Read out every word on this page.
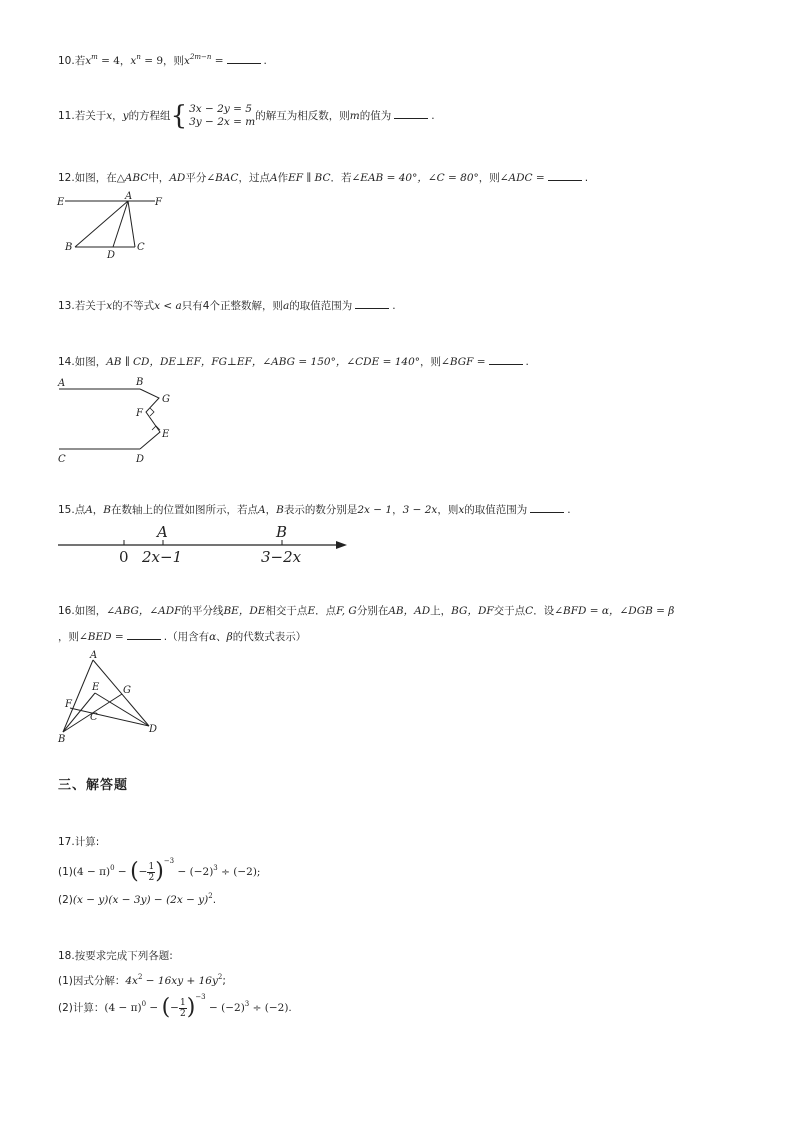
10.若$x^m = 4$，$x^n = 9$，则$x^{2m-n}$ =	.
11.若关于x，y的方程组{ 3x − 2y = 5
3y − 2x = m 的解互为相反数，则m的值为	.
12.如图，在△ABC中，AD平分∠BAC，过点A作EF ∥ BC．若∠EAB = 40°，∠C = 80°，则∠ADC =	.
E
A
F
B
D
C
13.若关于x的不等式x < a只有4个正整数解，则a的取值范围为	.
14.如图，AB ∥ CD，DE⊥EF，FG⊥EF，∠ABG = 150°，∠CDE = 140°，则∠BGF =	.
A	B
G
F
E
C	D
15.点A，B在数轴上的位置如图所示，若点A，B表示的数分别是2x − 1，3 − 2x，则x的取值范围为	.
0
A
2x−1
B
3−2x
16.如图，∠ABG，∠ADF的平分线BE，DE相交于点E．点F, G分别在AB，AD上，BG，DF交于点C．设∠BFD = α，∠DGB = β
，则∠BED =	.（用含有α、β的代数式表示）
A
E G
F
C
B
D
三、解答题
17.计算:
$(1)(4 - \pi)^0$ − (− $\frac{1}{2} )^{-3} - (-2)^3 \div (-2)$;
$(2)(x - y)(x - 3y) - (2x - y)^2$.
18.按要求完成下列各题:
(1)因式分解：$4x^2 - 16xy + 16y^2$;
(2)计算：$(4 - \pi)^0$ − (− $\frac{1}{2} )^{-3} - (-2)^3 \div (-2)$.
